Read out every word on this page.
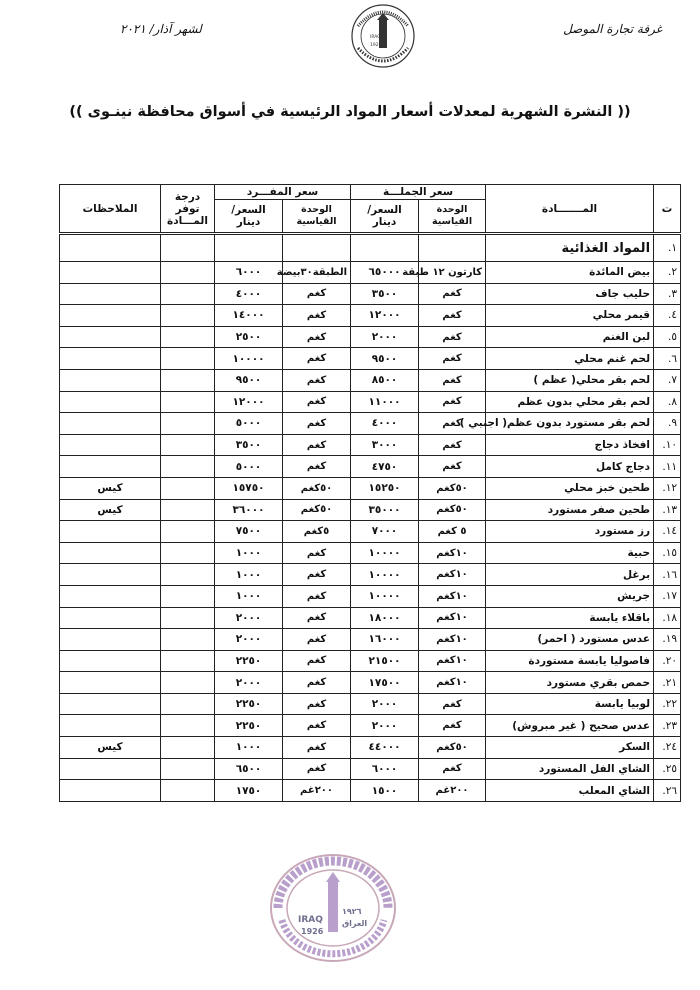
غرفة تجارة الموصل
لشهر آذار/ ٢٠٢١
IRAQ
1926
(( النشرة الشهرية لمعدلات أسعار المواد الرئيسية في أسواق محافظة نينـوى ))
ت	المـــــــادة	سعر الجملـــة		سعر المفـــرد		درجة توفر المـــادة	الملاحظات
		الوحدة القياسية	السعر/ دينار	الوحدة القياسية	السعر/ دينار		
١.	المواد الغذائية						
٢.	بيض المائدة	كارتون ١٢ طبقة	٦٥٠٠٠	الطبقة٣٠بيضة	٦٠٠٠		
٣.	حليب جاف	كغم	٣٥٠٠	كغم	٤٠٠٠		
٤.	قيمر محلي	كغم	١٢٠٠٠	كغم	١٤٠٠٠		
٥.	لبن الغنم	كغم	٢٠٠٠	كغم	٢٥٠٠		
٦.	لحم غنم محلي	كغم	٩٥٠٠	كغم	١٠٠٠٠		
٧.	لحم بقر محلي( عظم )	كغم	٨٥٠٠	كغم	٩٥٠٠		
٨.	لحم بقر محلي بدون عظم	كغم	١١٠٠٠	كغم	١٢٠٠٠		
٩.	لحم بقر مستورد بدون عظم( اجنبي )	كغم	٤٠٠٠	كغم	٥٠٠٠		
١٠.	افخاذ دجاج	كغم	٣٠٠٠	كغم	٣٥٠٠		
١١.	دجاج كامل	كغم	٤٧٥٠	كغم	٥٠٠٠		
١٢.	طحين خبز محلي	٥٠كغم	١٥٢٥٠	٥٠كغم	١٥٧٥٠		كيس
١٣.	طحين صفر مستورد	٥٠كغم	٣٥٠٠٠	٥٠كغم	٣٦٠٠٠		كيس
١٤.	رز مستورد	٥ كغم	٧٠٠٠	٥كغم	٧٥٠٠		
١٥.	حبية	١٠كغم	١٠٠٠٠	كغم	١٠٠٠		
١٦.	برغل	١٠كغم	١٠٠٠٠	كغم	١٠٠٠		
١٧.	جريش	١٠كغم	١٠٠٠٠	كغم	١٠٠٠		
١٨.	باقلاء يابسة	١٠كغم	١٨٠٠٠	كغم	٢٠٠٠		
١٩.	عدس مستورد ( احمر)	١٠كغم	١٦٠٠٠	كغم	٢٠٠٠		
٢٠.	فاصوليا يابسة مستوردة	١٠كغم	٢١٥٠٠	كغم	٢٢٥٠		
٢١.	حمص بقري مستورد	١٠كغم	١٧٥٠٠	كغم	٢٠٠٠		
٢٢.	لوبيا يابسة	كغم	٢٠٠٠	كغم	٢٢٥٠		
٢٣.	عدس صحيح ( غير مبروش)	كغم	٢٠٠٠	كغم	٢٢٥٠		
٢٤.	السكر	٥٠كغم	٤٤٠٠٠	كغم	١٠٠٠		كيس
٢٥.	الشاي الفل المستورد	كغم	٦٠٠٠	كغم	٦٥٠٠		
٢٦.	الشاي المعلب	٢٠٠غم	١٥٠٠	٢٠٠غم	١٧٥٠		
IRAQ
1926
١٩٢٦
العراق
